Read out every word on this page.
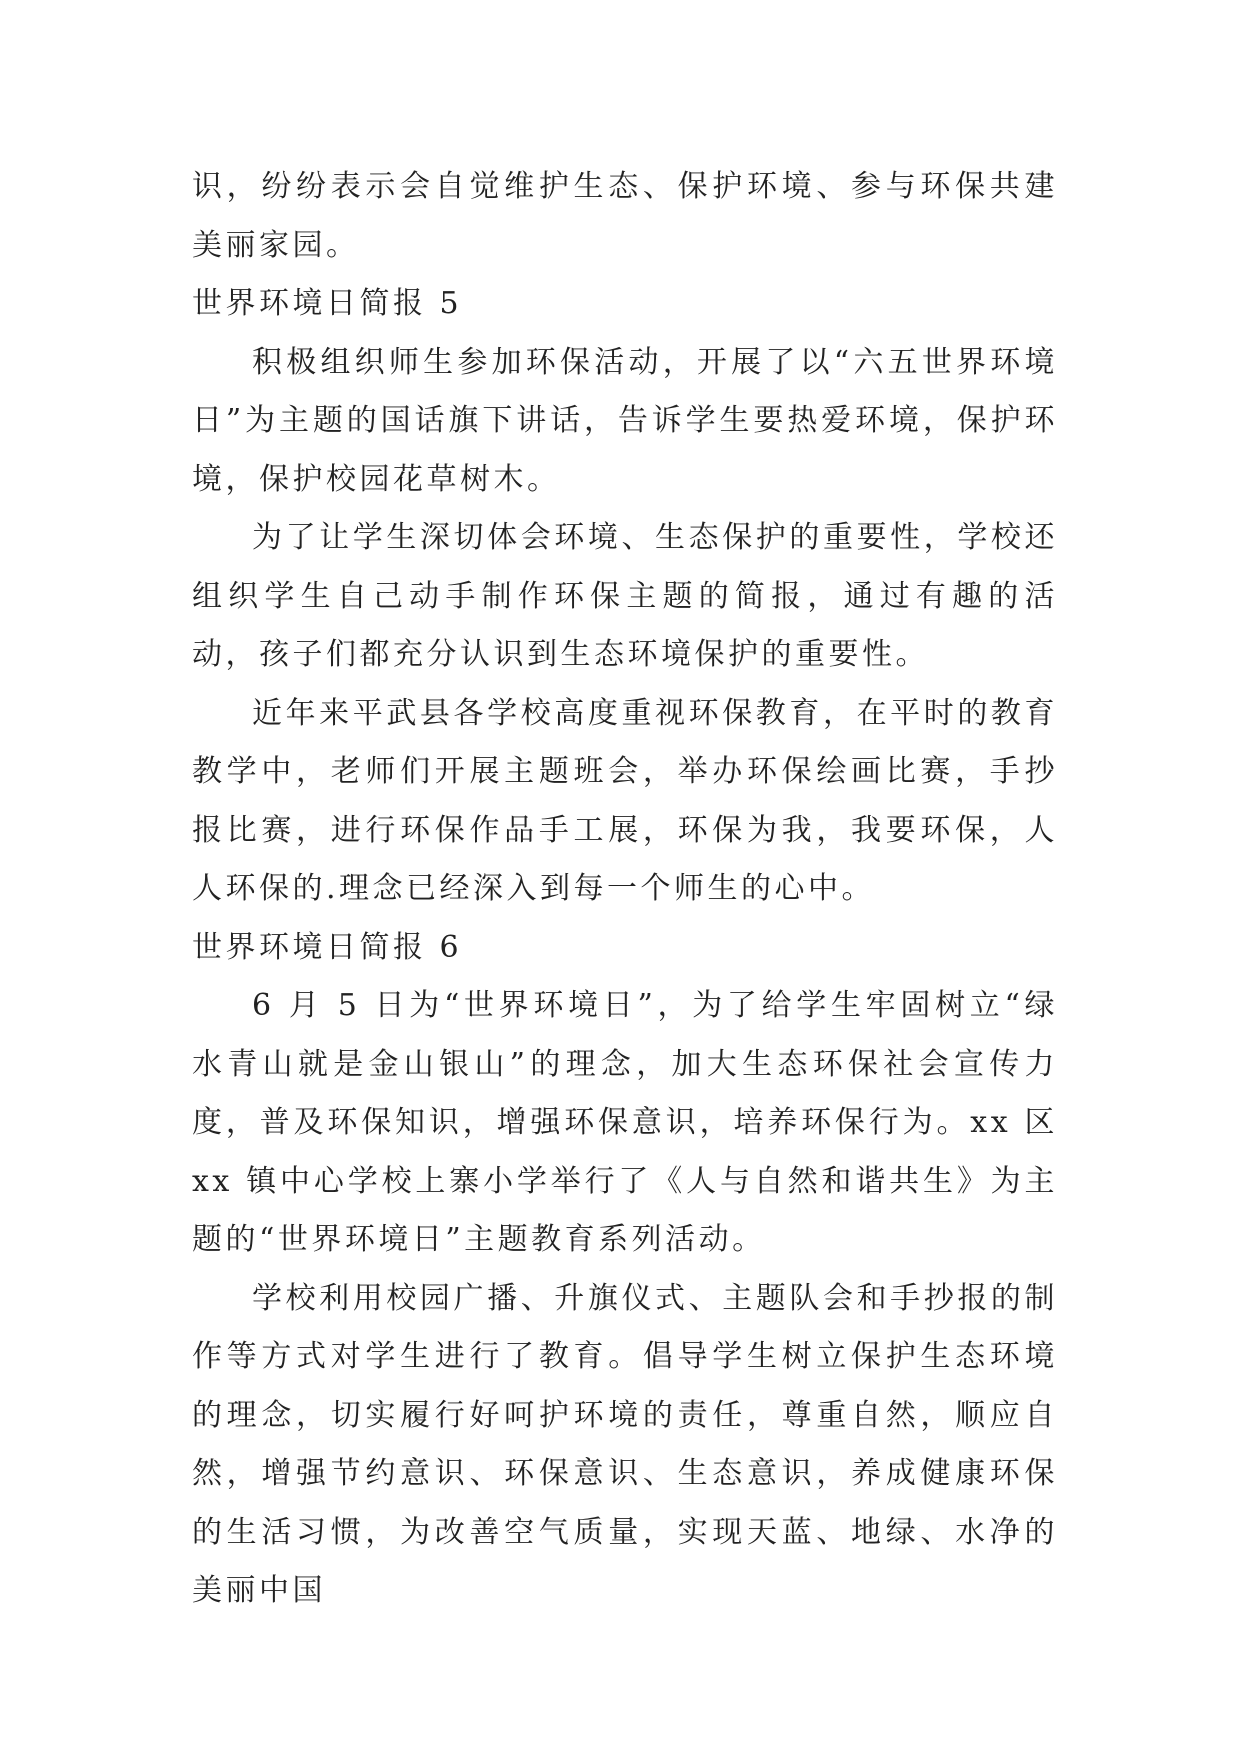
识，纷纷表示会自觉维护生态、保护环境、参与环保共建美丽家园。

世界环境日简报 5

积极组织师生参加环保活动，开展了以“六五世界环境日”为主题的国话旗下讲话，告诉学生要热爱环境，保护环境，保护校园花草树木。

为了让学生深切体会环境、生态保护的重要性，学校还组织学生自己动手制作环保主题的简报，通过有趣的活动，孩子们都充分认识到生态环境保护的重要性。

近年来平武县各学校高度重视环保教育，在平时的教育教学中，老师们开展主题班会，举办环保绘画比赛，手抄报比赛，进行环保作品手工展，环保为我，我要环保，人人环保的.理念已经深入到每一个师生的心中。

世界环境日简报 6

6 月 5 日为“世界环境日”，为了给学生牢固树立“绿水青山就是金山银山”的理念，加大生态环保社会宣传力度，普及环保知识，增强环保意识，培养环保行为。xx 区 xx 镇中心学校上寨小学举行了《人与自然和谐共生》为主题的“世界环境日”主题教育系列活动。

学校利用校园广播、升旗仪式、主题队会和手抄报的制作等方式对学生进行了教育。倡导学生树立保护生态环境的理念，切实履行好呵护环境的责任，尊重自然，顺应自然，增强节约意识、环保意识、生态意识，养成健康环保的生活习惯，为改善空气质量，实现天蓝、地绿、水净的美丽中国
